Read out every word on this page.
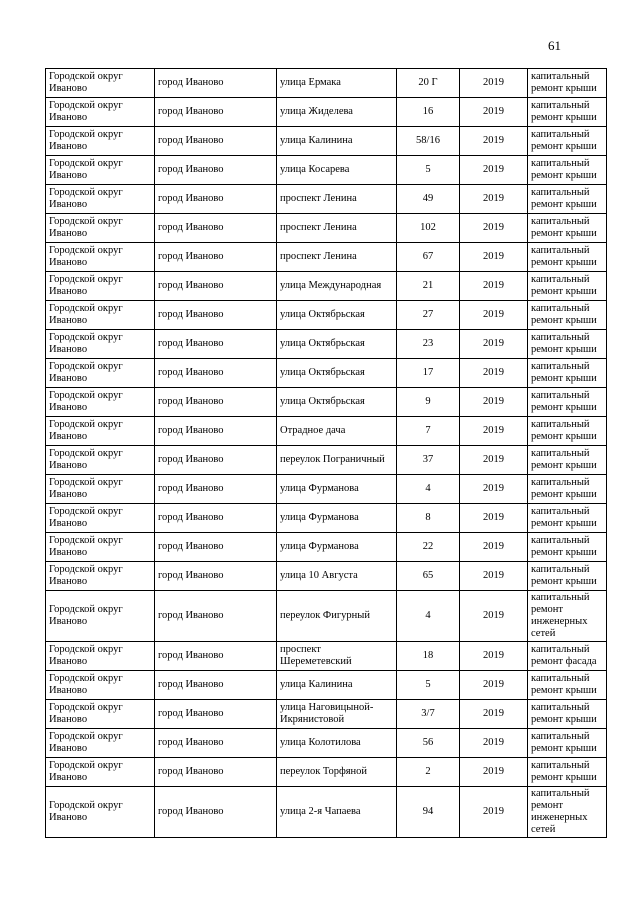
61
Городской округ
Иваново	город Иваново	улица Ермака	20 Г	2019	капитальный
ремонт крыши
Городской округ
Иваново	город Иваново	улица Жиделева	16	2019	капитальный
ремонт крыши
Городской округ
Иваново	город Иваново	улица Калинина	58/16	2019	капитальный
ремонт крыши
Городской округ
Иваново	город Иваново	улица Косарева	5	2019	капитальный
ремонт крыши
Городской округ
Иваново	город Иваново	проспект Ленина	49	2019	капитальный
ремонт крыши
Городской округ
Иваново	город Иваново	проспект Ленина	102	2019	капитальный
ремонт крыши
Городской округ
Иваново	город Иваново	проспект Ленина	67	2019	капитальный
ремонт крыши
Городской округ
Иваново	город Иваново	улица Международная	21	2019	капитальный
ремонт крыши
Городской округ
Иваново	город Иваново	улица Октябрьская	27	2019	капитальный
ремонт крыши
Городской округ
Иваново	город Иваново	улица Октябрьская	23	2019	капитальный
ремонт крыши
Городской округ
Иваново	город Иваново	улица Октябрьская	17	2019	капитальный
ремонт крыши
Городской округ
Иваново	город Иваново	улица Октябрьская	9	2019	капитальный
ремонт крыши
Городской округ
Иваново	город Иваново	Отрадное дача	7	2019	капитальный
ремонт крыши
Городской округ
Иваново	город Иваново	переулок Пограничный	37	2019	капитальный
ремонт крыши
Городской округ
Иваново	город Иваново	улица Фурманова	4	2019	капитальный
ремонт крыши
Городской округ
Иваново	город Иваново	улица Фурманова	8	2019	капитальный
ремонт крыши
Городской округ
Иваново	город Иваново	улица Фурманова	22	2019	капитальный
ремонт крыши
Городской округ
Иваново	город Иваново	улица 10 Августа	65	2019	капитальный
ремонт крыши
Городской округ
Иваново	город Иваново	переулок Фигурный	4	2019	капитальный
ремонт
инженерных
сетей
Городской округ
Иваново	город Иваново	проспект
Шереметевский	18	2019	капитальный
ремонт фасада
Городской округ
Иваново	город Иваново	улица Калинина	5	2019	капитальный
ремонт крыши
Городской округ
Иваново	город Иваново	улица Наговицыной-
Икрянистовой	3/7	2019	капитальный
ремонт крыши
Городской округ
Иваново	город Иваново	улица Колотилова	56	2019	капитальный
ремонт крыши
Городской округ
Иваново	город Иваново	переулок Торфяной	2	2019	капитальный
ремонт крыши
Городской округ
Иваново	город Иваново	улица 2-я Чапаева	94	2019	капитальный
ремонт
инженерных
сетей
